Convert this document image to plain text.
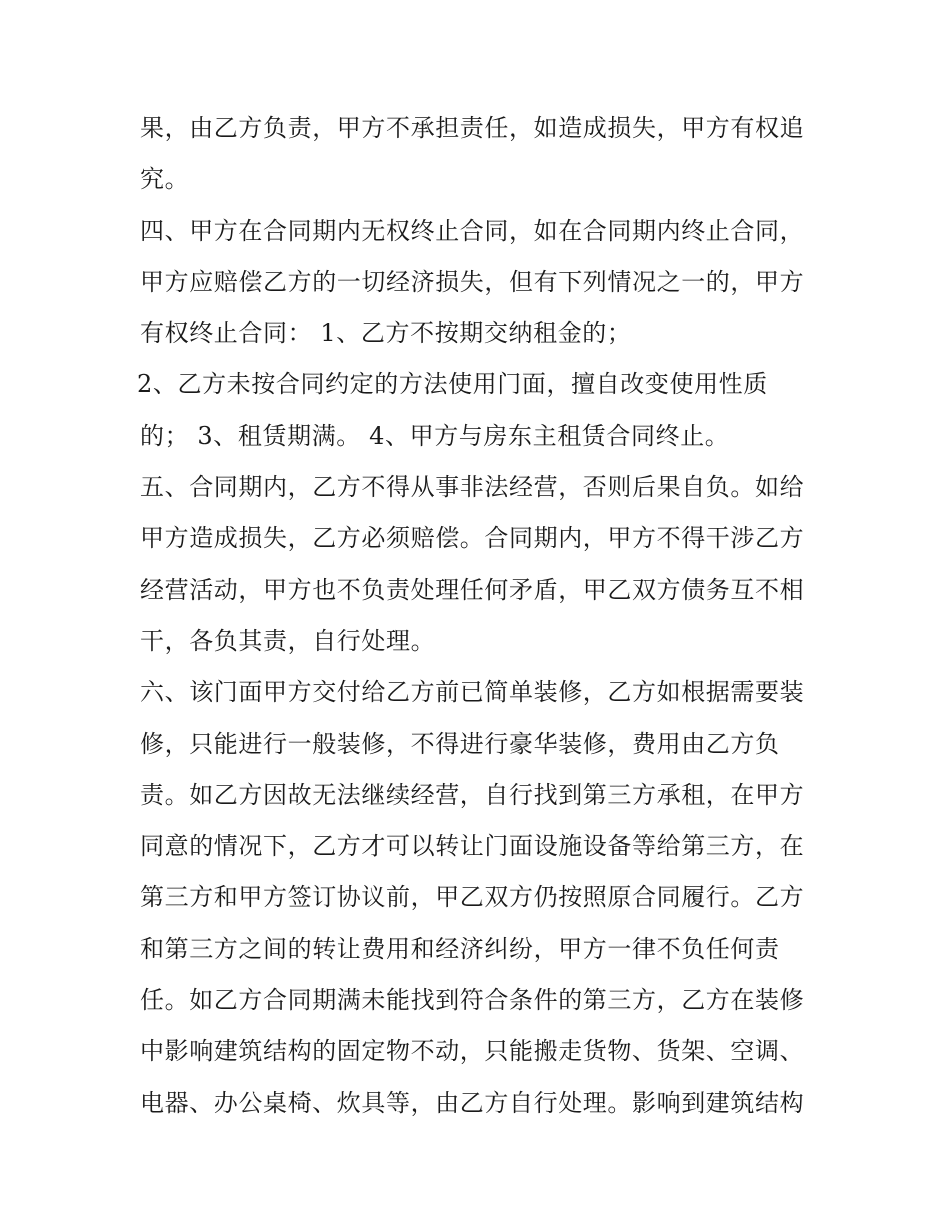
果，由乙方负责，甲方不承担责任，如造成损失，甲方有权追
究。
四、甲方在合同期内无权终止合同，如在合同期内终止合同，
甲方应赔偿乙方的一切经济损失，但有下列情况之一的，甲方
有权终止合同： 1、乙方不按期交纳租金的；
2、乙方未按合同约定的方法使用门面，擅自改变使用性质
的； 3、租赁期满。 4、甲方与房东主租赁合同终止。
五、合同期内，乙方不得从事非法经营，否则后果自负。如给
甲方造成损失，乙方必须赔偿。合同期内，甲方不得干涉乙方
经营活动，甲方也不负责处理任何矛盾，甲乙双方债务互不相
干，各负其责，自行处理。
六、该门面甲方交付给乙方前已简单装修，乙方如根据需要装
修，只能进行一般装修，不得进行豪华装修，费用由乙方负
责。如乙方因故无法继续经营，自行找到第三方承租，在甲方
同意的情况下，乙方才可以转让门面设施设备等给第三方，在
第三方和甲方签订协议前，甲乙双方仍按照原合同履行。乙方
和第三方之间的转让费用和经济纠纷，甲方一律不负任何责
任。如乙方合同期满未能找到符合条件的第三方，乙方在装修
中影响建筑结构的固定物不动，只能搬走货物、货架、空调、
电器、办公桌椅、炊具等，由乙方自行处理。影响到建筑结构
